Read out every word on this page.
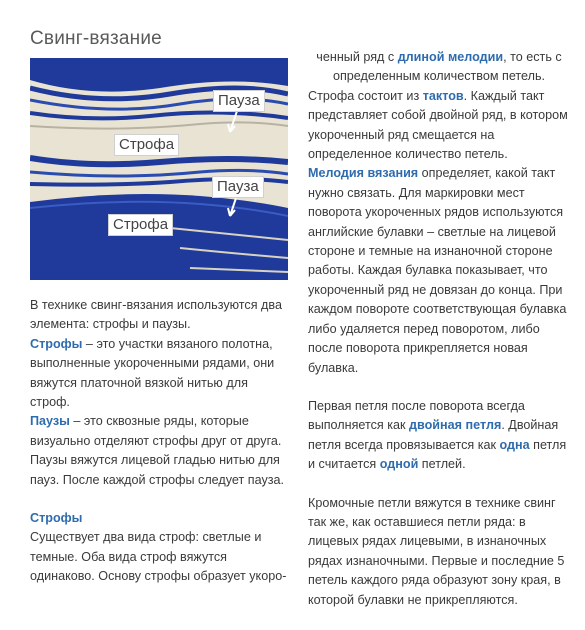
Свинг-вязание
Пауза
Строфа
Пауза
Строфа

В технике свинг-вязания используются два элемента: строфы и паузы.

Строфы – это участки вязаного полотна, выполненные укороченными рядами, они вяжутся платочной вязкой нитью для строф.

Паузы – это сквозные ряды, которые визуально отделяют строфы друг от друга. Паузы вяжутся лицевой гладью нитью для пауз. После каждой строфы следует пауза.

Строфы

Существует два вида строф: светлые и темные. Оба вида строф вяжутся одинаково. Основу строфы образует укоро-

ченный ряд с длиной мелодии, то есть с определенным количеством петель.

Строфа состоит из тактов. Каждый такт представляет собой двойной ряд, в котором укороченный ряд смещается на определенное количество петель.

Мелодия вязания определяет, какой такт нужно связать. Для маркировки мест поворота укороченных рядов используются английские булавки – светлые на лицевой стороне и темные на изнаночной стороне работы. Каждая булавка показывает, что укороченный ряд не довязан до конца. При каждом повороте соответствующая булавка либо удаляется перед поворотом, либо после поворота прикрепляется новая булавка.

Первая петля после поворота всегда выполняется как двойная петля. Двойная петля всегда провязывается как одна петля и считается одной петлей.

Кромочные петли вяжутся в технике свинг так же, как оставшиеся петли ряда: в лицевых рядах лицевыми, в изнаночных рядах изнаночными. Первые и последние 5 петель каждого ряда образуют зону края, в которой булавки не прикрепляются.
